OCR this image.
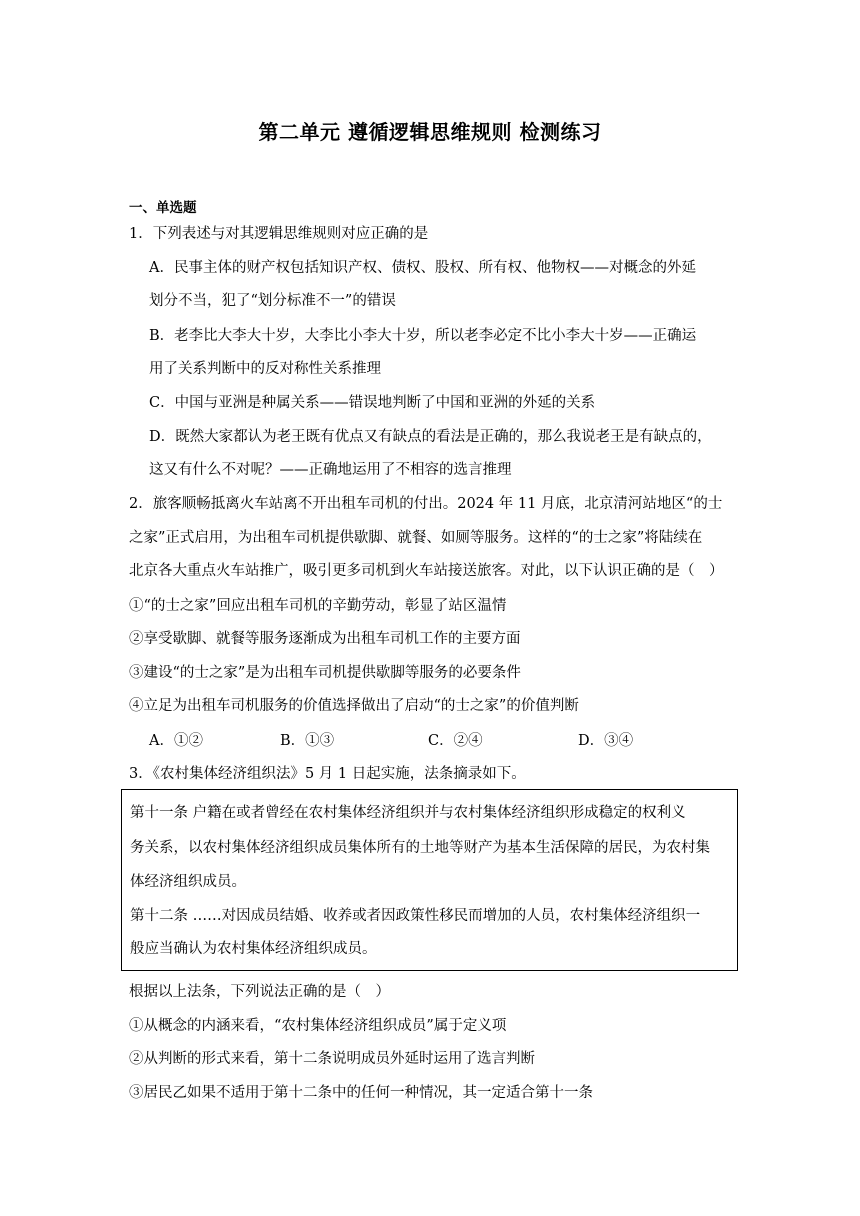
第二单元 遵循逻辑思维规则 检测练习
一、单选题
1．下列表述与对其逻辑思维规则对应正确的是
A．民事主体的财产权包括知识产权、债权、股权、所有权、他物权——对概念的外延
划分不当，犯了“划分标准不一”的错误
B．老李比大李大十岁，大李比小李大十岁，所以老李必定不比小李大十岁——正确运
用了关系判断中的反对称性关系推理
C．中国与亚洲是种属关系——错误地判断了中国和亚洲的外延的关系
D．既然大家都认为老王既有优点又有缺点的看法是正确的，那么我说老王是有缺点的，
这又有什么不对呢？——正确地运用了不相容的选言推理
2．旅客顺畅抵离火车站离不开出租车司机的付出。2024 年 11 月底，北京清河站地区“的士
之家”正式启用，为出租车司机提供歇脚、就餐、如厕等服务。这样的“的士之家”将陆续在
北京各大重点火车站推广，吸引更多司机到火车站接送旅客。对此，以下认识正确的是（　）
①“的士之家”回应出租车司机的辛勤劳动，彰显了站区温情
②享受歇脚、就餐等服务逐渐成为出租车司机工作的主要方面
③建设“的士之家”是为出租车司机提供歇脚等服务的必要条件
④立足为出租车司机服务的价值选择做出了启动“的士之家”的价值判断
A．①②	B．①③	C．②④	D．③④
3．《农村集体经济组织法》5 月 1 日起实施，法条摘录如下。
第十一条 户籍在或者曾经在农村集体经济组织并与农村集体经济组织形成稳定的权利义
务关系，以农村集体经济组织成员集体所有的土地等财产为基本生活保障的居民，为农村集
体经济组织成员。
第十二条 ……对因成员结婚、收养或者因政策性移民而增加的人员，农村集体经济组织一
般应当确认为农村集体经济组织成员。
根据以上法条，下列说法正确的是（　）
①从概念的内涵来看，“农村集体经济组织成员”属于定义项
②从判断的形式来看，第十二条说明成员外延时运用了选言判断
③居民乙如果不适用于第十二条中的任何一种情况，其一定适合第十一条
